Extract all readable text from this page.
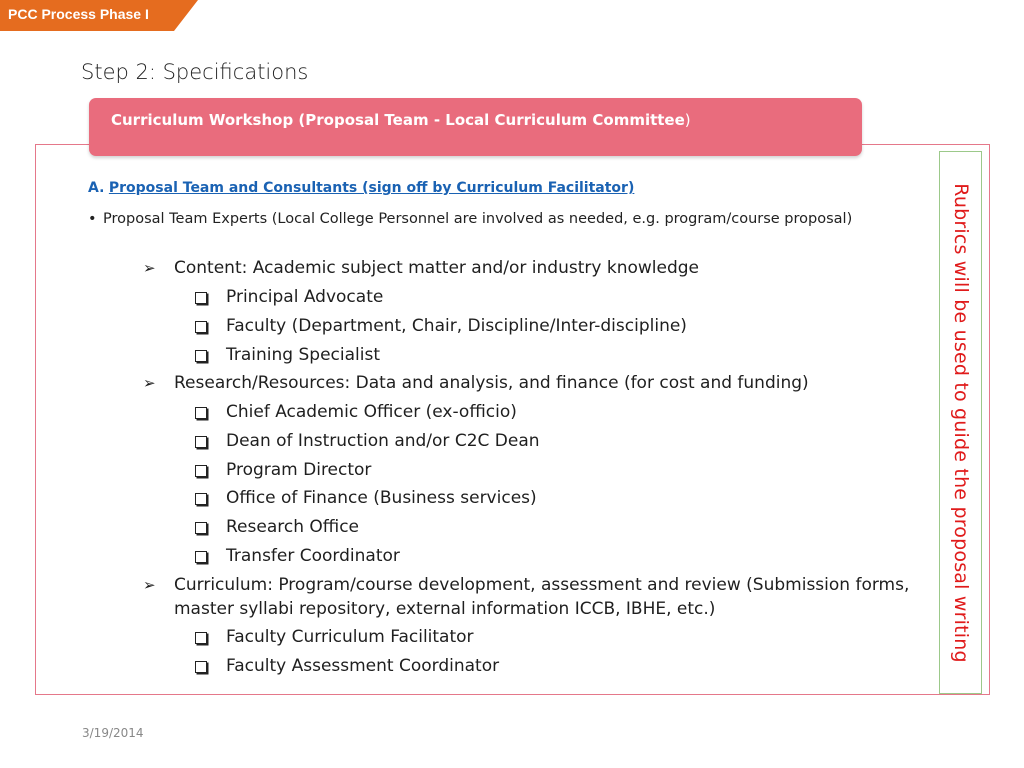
PCC Process Phase I
Step 2: Specifications
Curriculum Workshop (Proposal Team - Local Curriculum Committee)
A. Proposal Team and Consultants (sign off by Curriculum Facilitator)
• Proposal Team Experts (Local College Personnel are involved as needed, e.g. program/course proposal)
➢ Content: Academic subject matter and/or industry knowledge
Principal Advocate
Faculty (Department, Chair, Discipline/Inter-discipline)
Training Specialist
➢ Research/Resources: Data and analysis, and finance (for cost and funding)
Chief Academic Officer (ex-officio)
Dean of Instruction and/or C2C Dean
Program Director
Office of Finance (Business services)
Research Office
Transfer Coordinator
➢ Curriculum: Program/course development, assessment and review (Submission forms, master syllabi repository, external information ICCB, IBHE, etc.)
Faculty Curriculum Facilitator
Faculty Assessment Coordinator
Rubrics will be used to guide the proposal writing
3/19/2014
